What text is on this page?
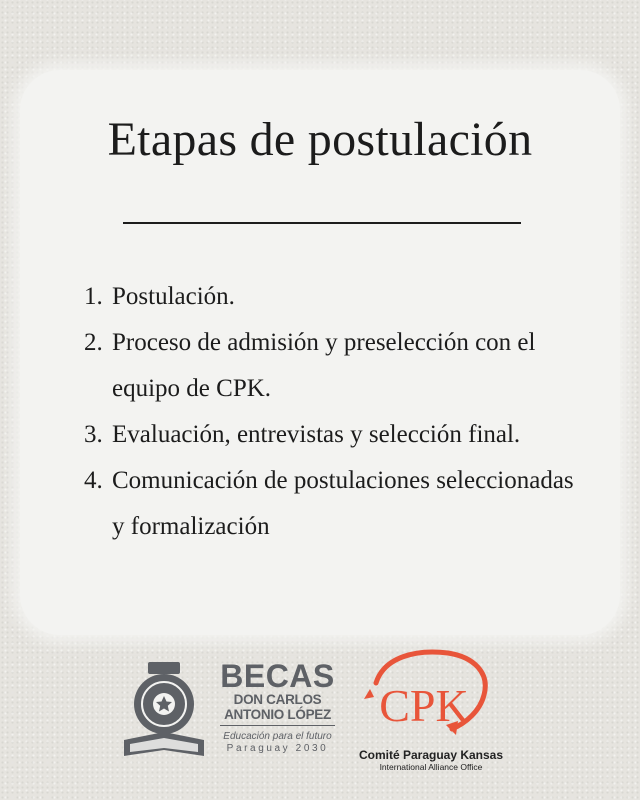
Etapas de postulación
1. Postulación.
2. Proceso de admisión y preselección con el equipo de CPK.
3. Evaluación, entrevistas y selección final.
4. Comunicación de postulaciones seleccionadas y formalización
BECAS
DON CARLOS
ANTONIO LÓPEZ
Educación para el futuro
Paraguay 2030
CPK
Comité Paraguay Kansas
International Alliance Office
